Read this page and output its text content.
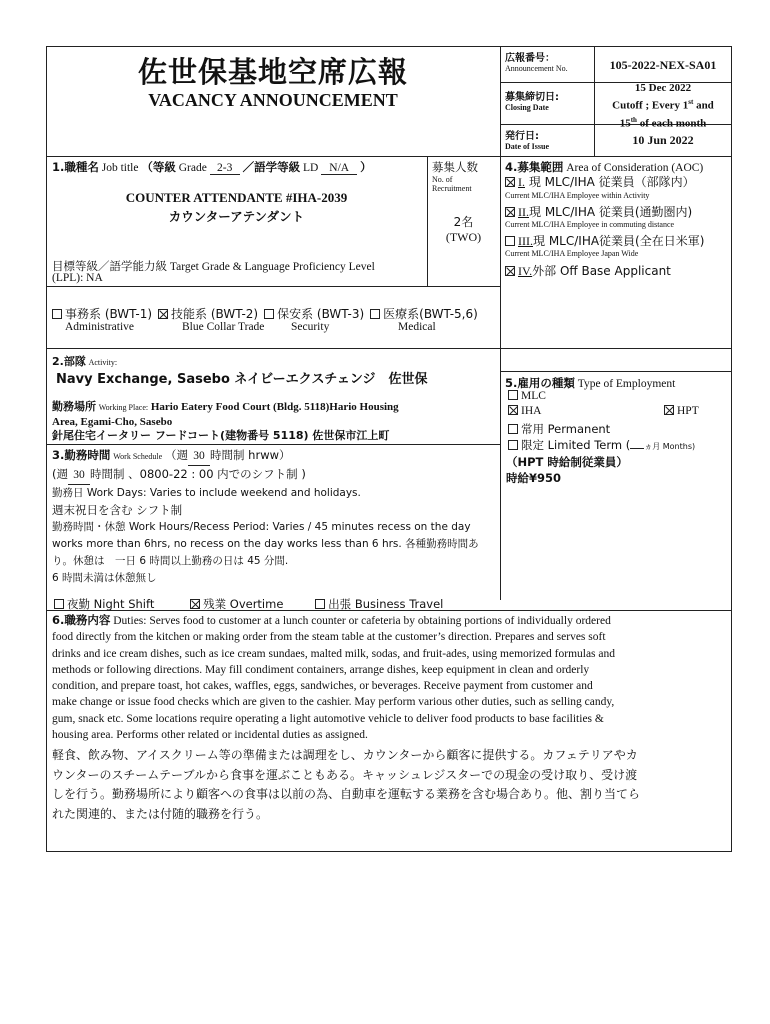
佐世保基地空席広報
VACANCY ANNOUNCEMENT
広報番号：
Announcement No.	105-2022-NEX-SA01
募集締切日:
Closing Date
15 Dec 2022
Cutoff ; Every 1st and
15th of each month
発行日:
Date of Issue	10 Jun 2022
1.職種名 Job title （等級 Grade 2-3 ／語学等級 LD N/A ）
COUNTER ATTENDANTE #IHA-2039
カウンターアテンダント
目標等級／語学能力級 Target Grade & Language Proficiency Level
(LPL): NA
募集人数
No. of
Recruitment
2名
(TWO)
事務系 (BWT-1) 技能系 (BWT-2) 保安系 (BWT-3) 医療系(BWT-5,6)
Administrative	Blue Collar Trade Security	Medical
4.募集範囲 Area of Consideration (AOC)
I. 現 MLC/IHA 従業員（部隊内）
Current MLC/IHA Employee within Activity
II.現 MLC/IHA 従業員(通勤圏内)
Current MLC/IHA Employee in commuting distance
III.現 MLC/IHA従業員(全在日米軍)
Current MLC/IHA Employee Japan Wide
IV.外部 Off Base Applicant
2.部隊 Activity:
Navy Exchange, Sasebo ネイビーエクスチェンジ　佐世保
勤務場所 Working Place: Hario Eatery Food Court (Bldg. 5118)Hario Housing
Area, Egami-Cho, Sasebo
針尾住宅イータリー フードコート(建物番号 5118) 佐世保市江上町
5.雇用の種類 Type of Employment
MLC
IHA	HPT
常用 Permanent
限定 Limited Term ( ヵ月 Months)
（HPT 時給制従業員）
時給¥950
3.勤務時間 Work Schedule （週 30 時間制 hrww）
(週 30 時間制 、0800-22 : 00 内でのシフト制 )
勤務日 Work Days: Varies to include weekend and holidays.
週末祝日を含む シフト制
勤務時間・休憩 Work Hours/Recess Period: Varies / 45 minutes recess on the day
works more than 6hrs, no recess on the day works less than 6 hrs. 各種勤務時間あ
り。休憩は　一日 6 時間以上勤務の日は 45 分間.
6 時間未満は休憩無し
夜勤 Night Shift	残業 Overtime	出張 Business Travel
6.職務内容 Duties: Serves food to customer at a lunch counter or cafeteria by obtaining portions of individually ordered
food directly from the kitchen or making order from the steam table at the customer’s direction. Prepares and serves soft
drinks and ice cream dishes, such as ice cream sundaes, malted milk, sodas, and fruit-ades, using memorized formulas and
methods or following directions. May fill condiment containers, arrange dishes, keep equipment in clean and orderly
condition, and prepare toast, hot cakes, waffles, eggs, sandwiches, or beverages. Receive payment from customer and
make change or issue food checks which are given to the cashier. May perform various other duties, such as selling candy,
gum, snack etc. Some locations require operating a light automotive vehicle to deliver food products to base facilities &
housing area. Performs other related or incidental duties as assigned.
軽食、飲み物、アイスクリーム等の準備または調理をし、カウンターから顧客に提供する。カフェテリアやカ
ウンターのスチームテーブルから食事を運ぶこともある。キャッシュレジスターでの現金の受け取り、受け渡
しを行う。勤務場所により顧客への食事は以前の為、自動車を運転する業務を含む場合あり。他、割り当てら
れた関連的、または付随的職務を行う。
